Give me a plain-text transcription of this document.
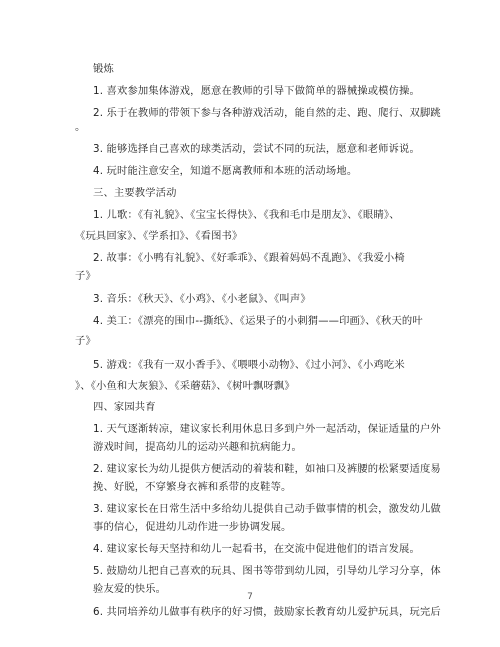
锻炼
1. 喜欢参加集体游戏，愿意在教师的引导下做简单的器械操或模仿操。
2. 乐于在教师的带领下参与各种游戏活动，能自然的走、跑、爬行、双脚跳
。
3. 能够选择自己喜欢的球类活动，尝试不同的玩法，愿意和老师诉说。
4. 玩时能注意安全，知道不愿离教师和本班的活动场地。
三、主要教学活动
1. 儿歌：《有礼貌》、《宝宝长得快》、《我和毛巾是朋友》、《眼睛》、
《玩具回家》、《学系扣》、《看图书》
2. 故事：《小鸭有礼貌》、《好乖乖》、《跟着妈妈不乱跑》、《我爱小椅
子》
3. 音乐：《秋天》、《小鸡》、《小老鼠》、《叫声》
4. 美工：《漂亮的围巾--撕纸》、《运果子的小刺猬——印画》、《秋天的叶
子》
5. 游戏：《我有一双小香手》、《喂喂小动物》、《过小河》、《小鸡吃米
》、《小鱼和大灰狼》、《采蘑菇》、《树叶飘呀飘》
四、家园共育
1. 天气逐渐转凉，建议家长利用休息日多到户外一起活动，保证适量的户外
游戏时间，提高幼儿的运动兴趣和抗病能力。
2. 建议家长为幼儿提供方便活动的着装和鞋，如袖口及裤腰的松紧要适度易
挽、好脱，不穿繁身衣裤和系带的皮鞋等。
3. 建议家长在日常生活中多给幼儿提供自己动手做事情的机会，激发幼儿做
事的信心，促进幼儿动作进一步协调发展。
4. 建议家长每天坚持和幼儿一起看书，在交流中促进他们的语言发展。
5. 鼓励幼儿把自己喜欢的玩具、图书等带到幼儿园，引导幼儿学习分享，体
验友爱的快乐。
6. 共同培养幼儿做事有秩序的好习惯，鼓励家长教育幼儿爱护玩具，玩完后
7
